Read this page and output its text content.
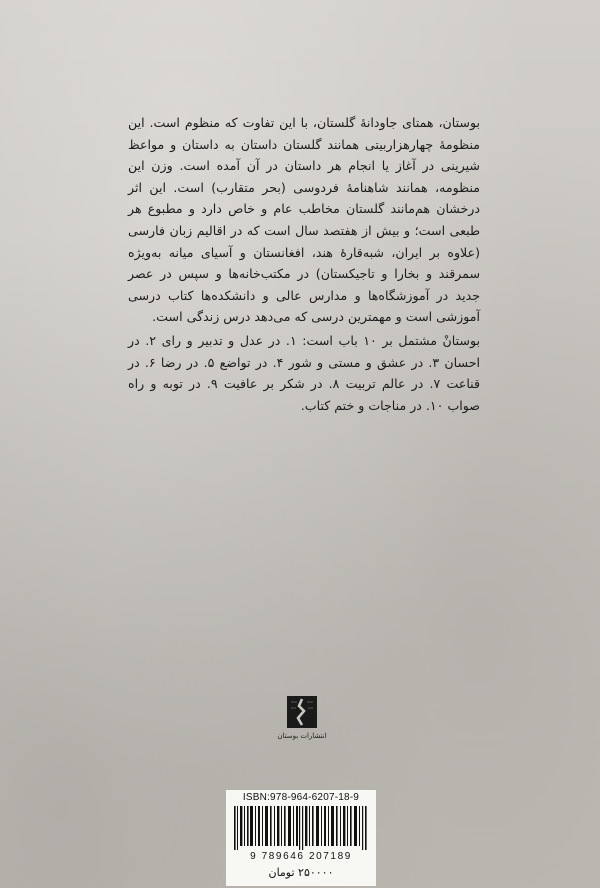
بوستان، همتای جاودانهٔ گلستان، با این تفاوت که منظوم است. این منظومهٔ چهارهزاربیتی همانند گلستان داستان به داستان و مواعظ شیرینی در آغاز یا انجام هر داستان در آن آمده است. وزن این منظومه، همانند شاهنامهٔ فردوسی (بحر متقارب) است. این اثر درخشان هم‌مانند گلستان مخاطب عام و خاص دارد و مطبوع هر طبعی است؛ و بیش از هفتصد سال است که در اقالیم زبان فارسی (علاوه بر ایران، شبه‌قارهٔ هند، افغانستان و آسیای میانه به‌ویژه سمرقند و بخارا و تاجیکستان) در مکتب‌خانه‌ها و سپس در عصر جدید در آموزشگاه‌ها و مدارس عالی و دانشکده‌ها کتاب درسی آموزشی است و مهمترین درسی که می‌دهد درس زندگی است.

بوستانْ مشتمل بر ۱۰ باب است: ۱. در عدل و تدبیر و رای ۲. در احسان ۳. در عشق و مستی و شور ۴. در تواضع ۵. در رضا ۶. در قناعت ۷. در عالم تربیت ۸. در شکر بر عافیت ۹. در توبه و راه صواب ۱۰. در مناجات و ختم کتاب.

انتشارات بوستان
ISBN:978-964-6207-18-9
9 789646 207189
۲۵۰۰۰۰ تومان
